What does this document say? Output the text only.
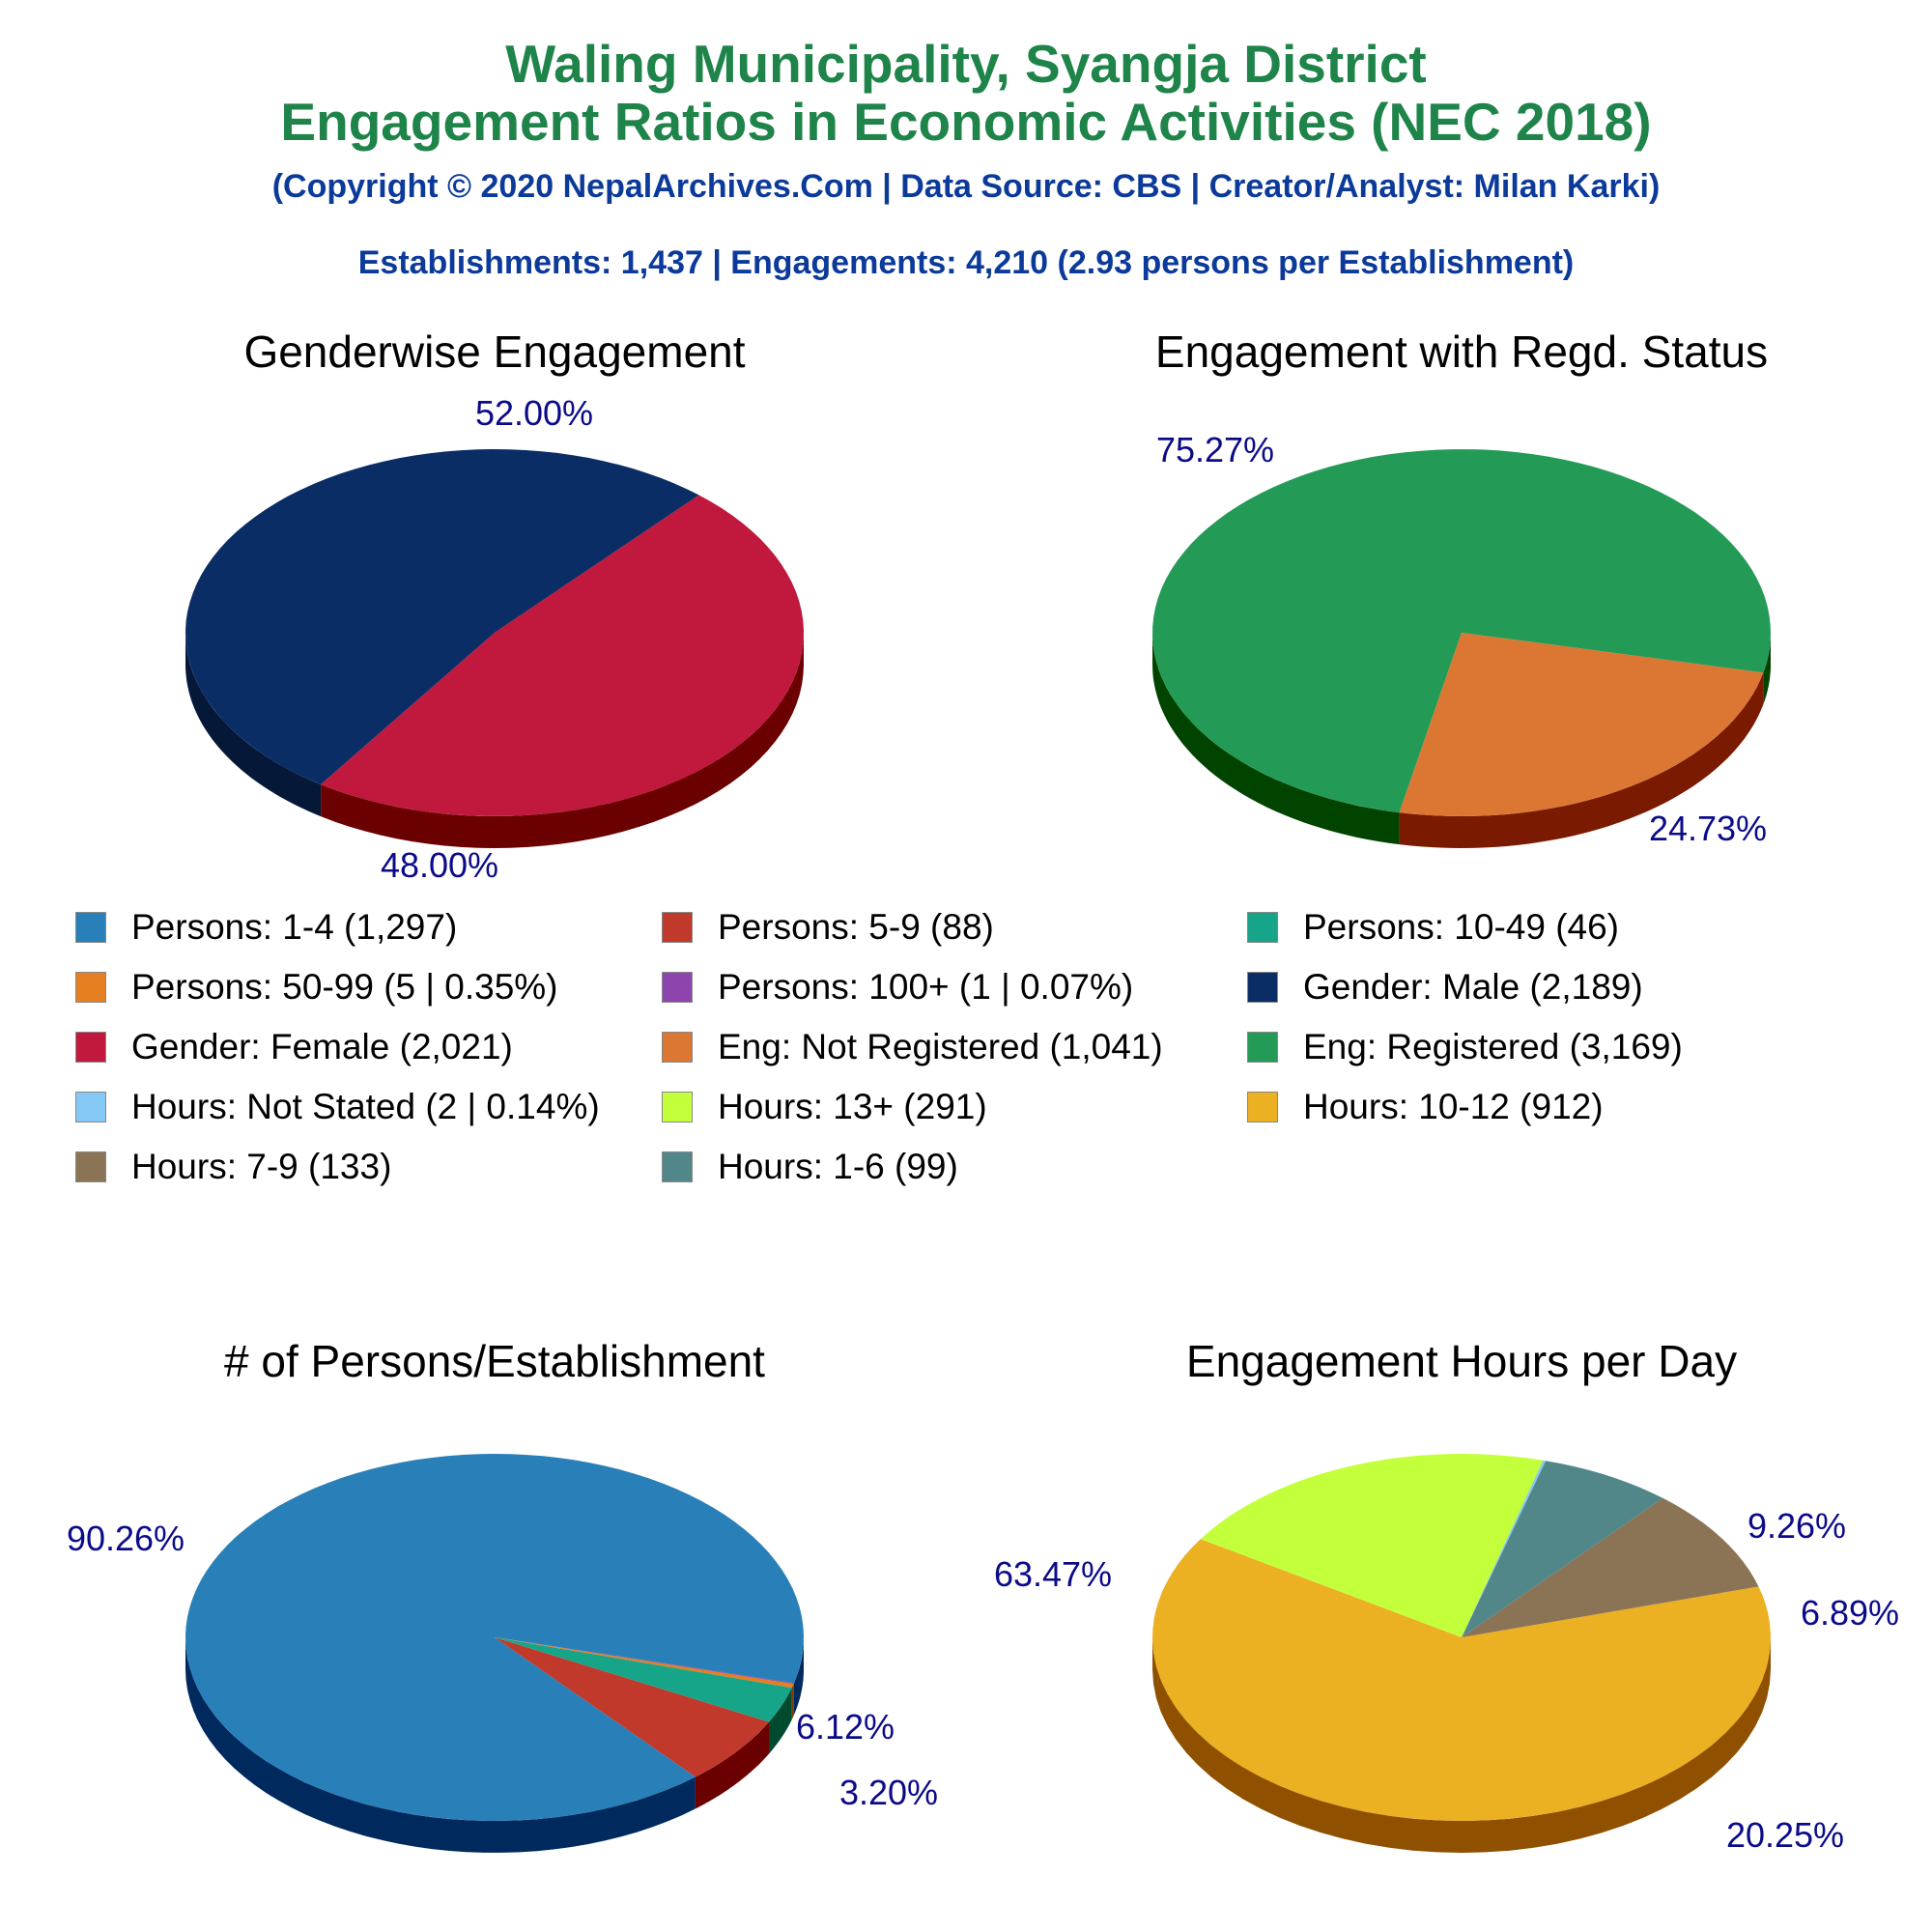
Waling Municipality, Syangja District
Engagement Ratios in Economic Activities (NEC 2018)
(Copyright © 2020 NepalArchives.Com | Data Source: CBS | Creator/Analyst: Milan Karki)
Establishments: 1,437 | Engagements: 4,210 (2.93 persons per Establishment)
Genderwise Engagement
52.00%
48.00%
Engagement with Regd. Status
75.27%
24.73%
# of Persons/Establishment
90.26%
6.12%
3.20%
Engagement Hours per Day
63.47%
9.26%
6.89%
20.25%
Persons: 1-4 (1,297)	Persons: 5-9 (88)	Persons: 10-49 (46)
Persons: 50-99 (5 | 0.35%)	Persons: 100+ (1 | 0.07%)	Gender: Male (2,189)
Gender: Female (2,021)	Eng: Not Registered (1,041)	Eng: Registered (3,169)
Hours: Not Stated (2 | 0.14%)	Hours: 13+ (291)	Hours: 10-12 (912)
Hours: 7-9 (133)	Hours: 1-6 (99)
